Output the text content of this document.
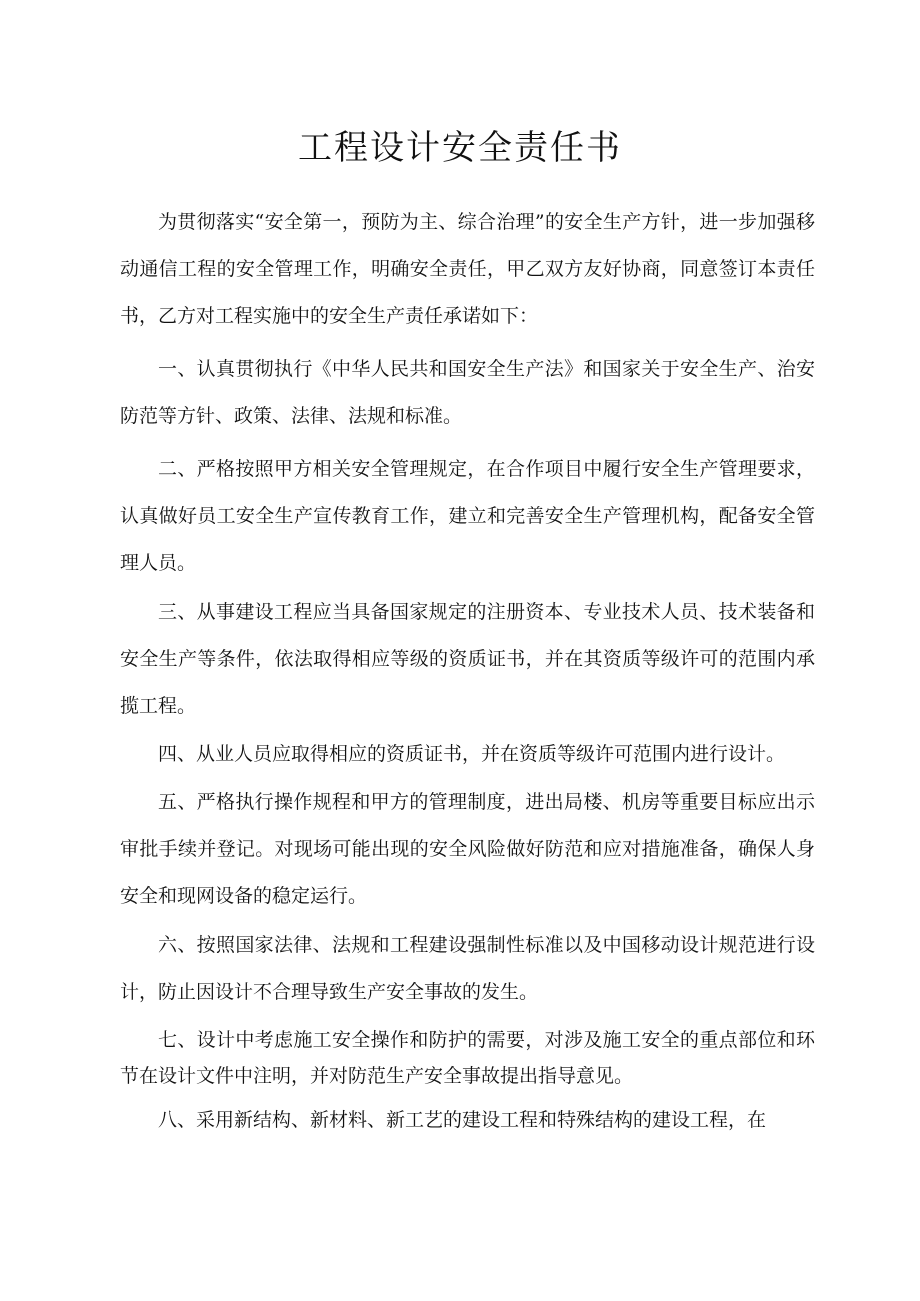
工程设计安全责任书

为贯彻落实“安全第一，预防为主、综合治理”的安全生产方针，进一步加强移动通信工程的安全管理工作，明确安全责任，甲乙双方友好协商，同意签订本责任书，乙方对工程实施中的安全生产责任承诺如下：

一、认真贯彻执行《中华人民共和国安全生产法》和国家关于安全生产、治安防范等方针、政策、法律、法规和标准。

二、严格按照甲方相关安全管理规定，在合作项目中履行安全生产管理要求，认真做好员工安全生产宣传教育工作，建立和完善安全生产管理机构，配备安全管理人员。

三、从事建设工程应当具备国家规定的注册资本、专业技术人员、技术装备和安全生产等条件，依法取得相应等级的资质证书，并在其资质等级许可的范围内承揽工程。

四、从业人员应取得相应的资质证书，并在资质等级许可范围内进行设计。

五、严格执行操作规程和甲方的管理制度，进出局楼、机房等重要目标应出示审批手续并登记。对现场可能出现的安全风险做好防范和应对措施准备，确保人身安全和现网设备的稳定运行。

六、按照国家法律、法规和工程建设强制性标准以及中国移动设计规范进行设计，防止因设计不合理导致生产安全事故的发生。

七、设计中考虑施工安全操作和防护的需要，对涉及施工安全的重点部位和环节在设计文件中注明，并对防范生产安全事故提出指导意见。

八、采用新结构、新材料、新工艺的建设工程和特殊结构的建设工程，在
